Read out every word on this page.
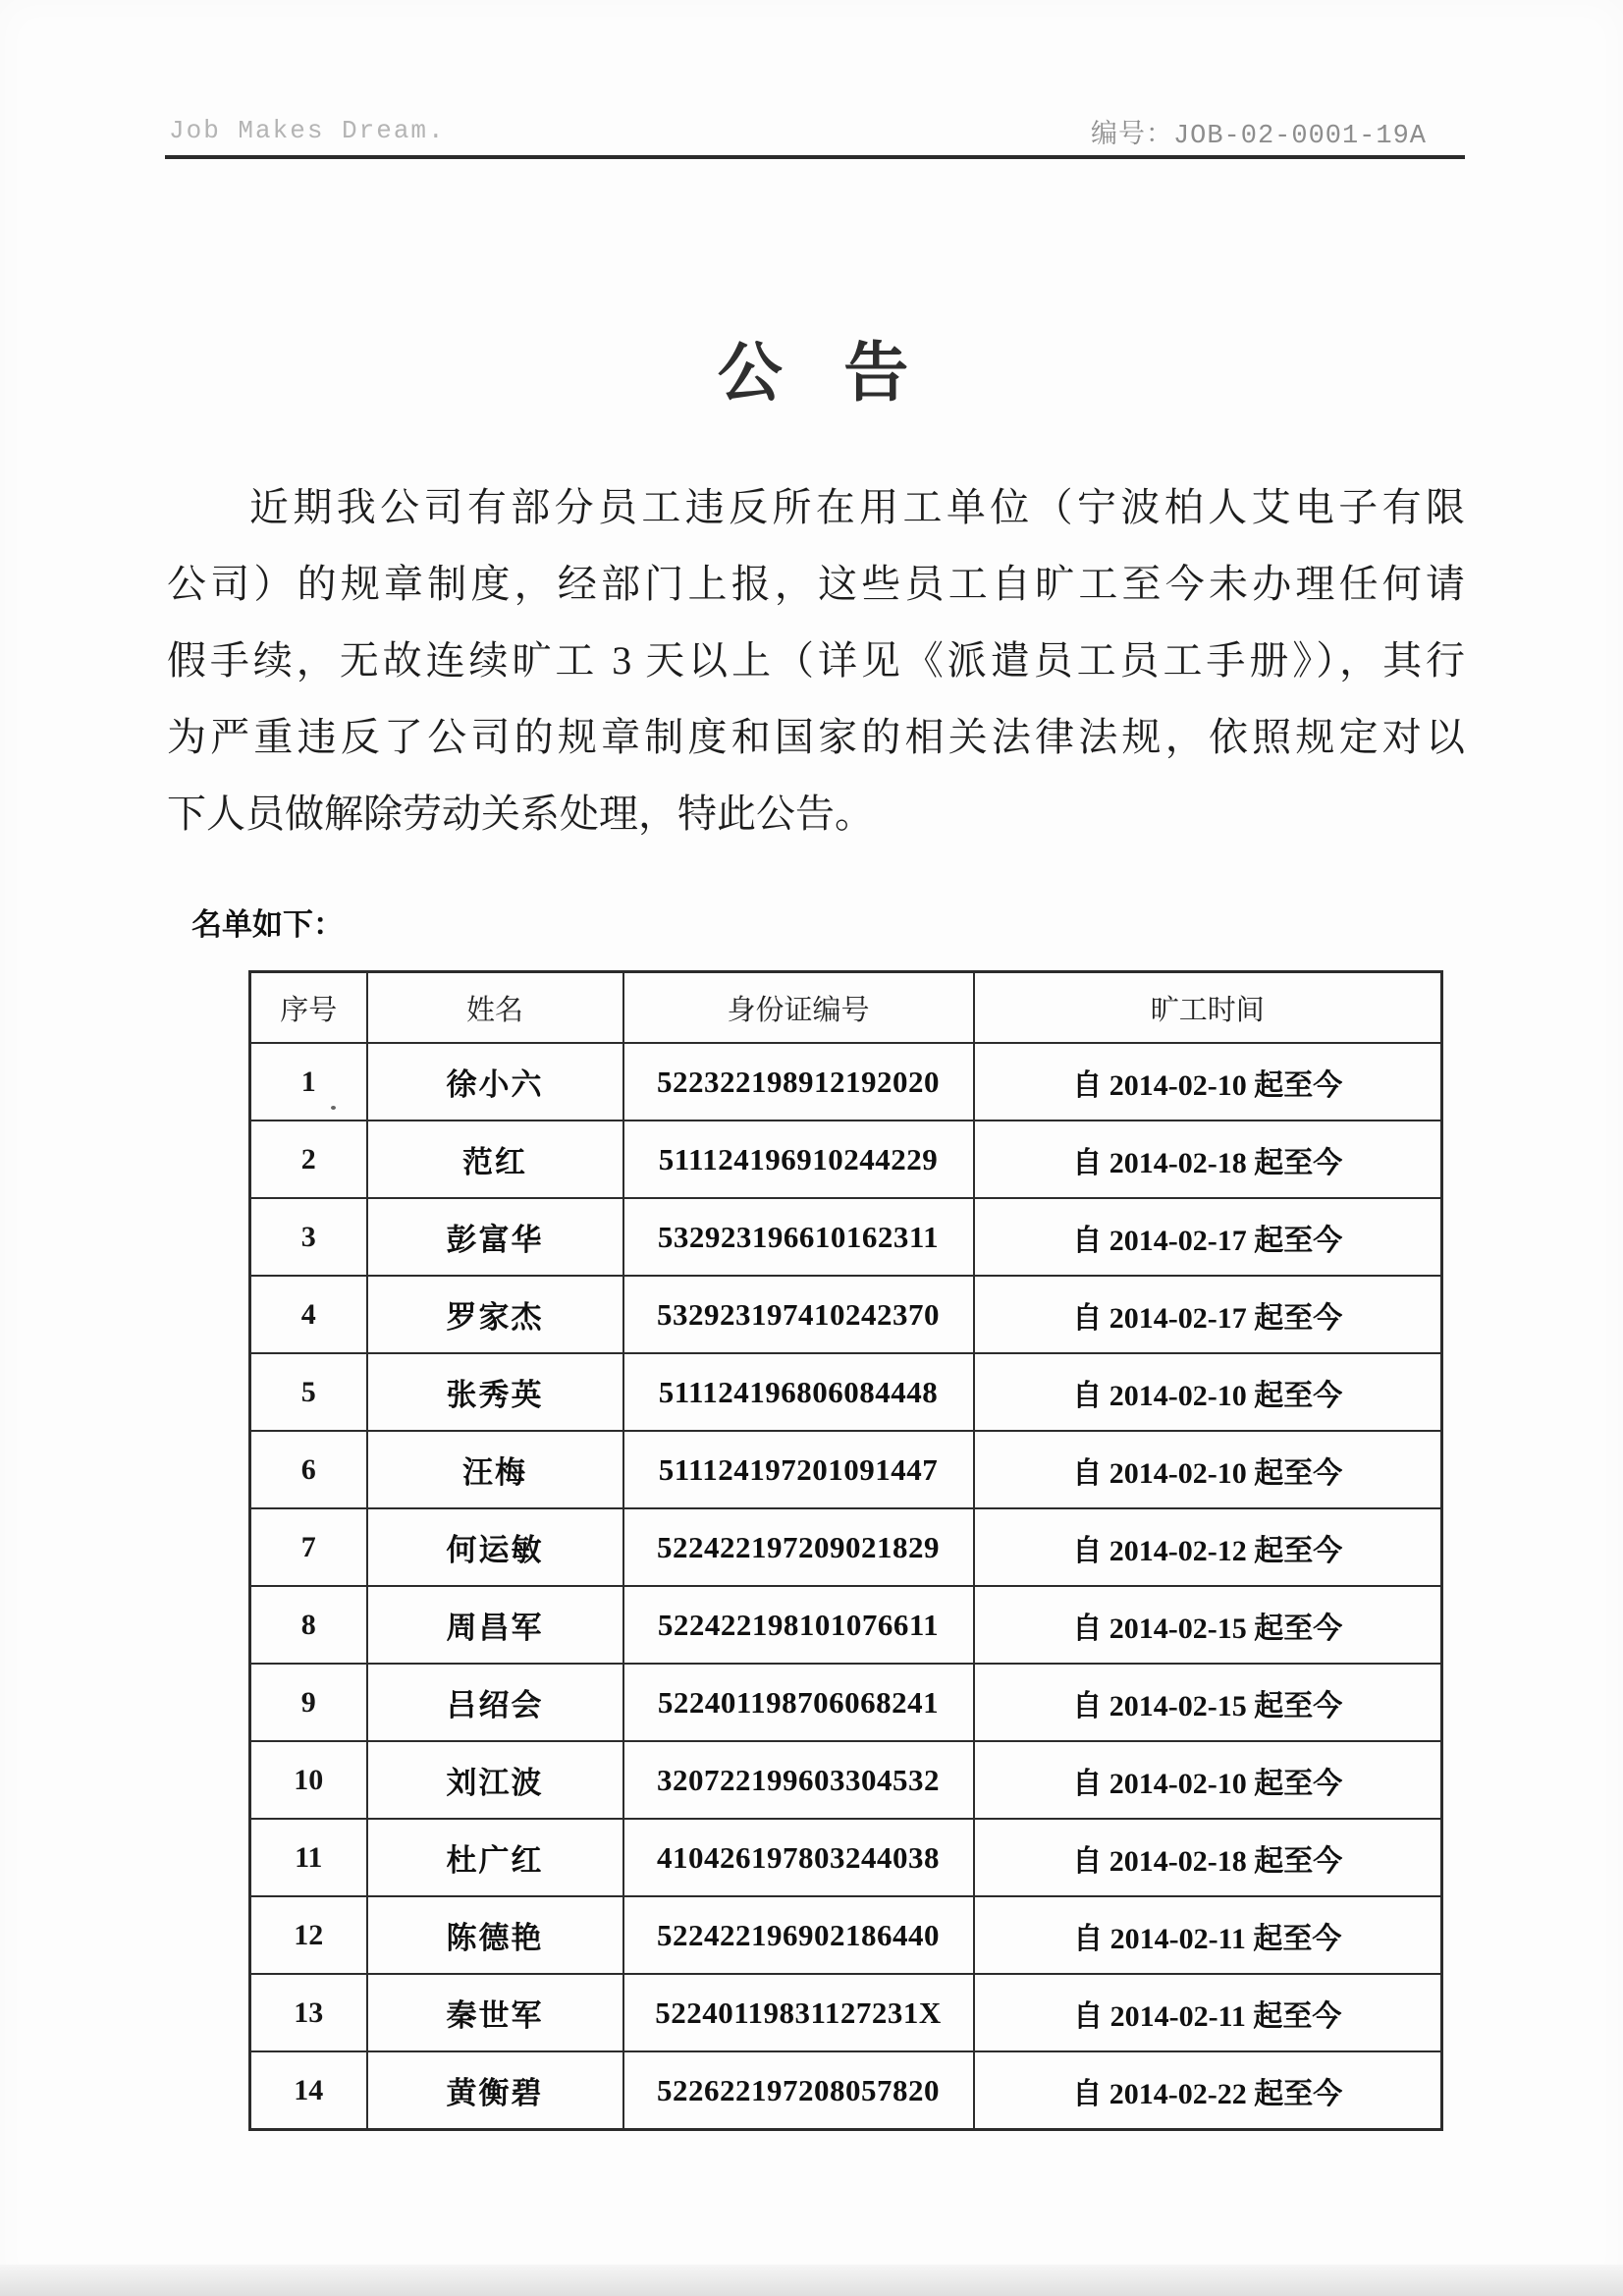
Job Makes Dream.	编号：JOB-02-0001-19A
公 告

近期我公司有部分员工违反所在用工单位（宁波柏人艾电子有限

公司）的规章制度，经部门上报，这些员工自旷工至今未办理任何请

假手续，无故连续旷工 3 天以上（详见《派遣员工员工手册》），其行

为严重违反了公司的规章制度和国家的相关法律法规，依照规定对以

下人员做解除劳动关系处理，特此公告。

名单如下：
序号	姓名	身份证编号	旷工时间
1	徐小六	522322198912192020	自 2014-02-10 起至今
2	范红	511124196910244229	自 2014-02-18 起至今
3	彭富华	532923196610162311	自 2014-02-17 起至今
4	罗家杰	532923197410242370	自 2014-02-17 起至今
5	张秀英	511124196806084448	自 2014-02-10 起至今
6	汪梅	511124197201091447	自 2014-02-10 起至今
7	何运敏	522422197209021829	自 2014-02-12 起至今
8	周昌军	522422198101076611	自 2014-02-15 起至今
9	吕绍会	522401198706068241	自 2014-02-15 起至今
10	刘江波	320722199603304532	自 2014-02-10 起至今
11	杜广红	410426197803244038	自 2014-02-18 起至今
12	陈德艳	522422196902186440	自 2014-02-11 起至今
13	秦世军	52240119831127231X	自 2014-02-11 起至今
14	黄衡碧	522622197208057820	自 2014-02-22 起至今
